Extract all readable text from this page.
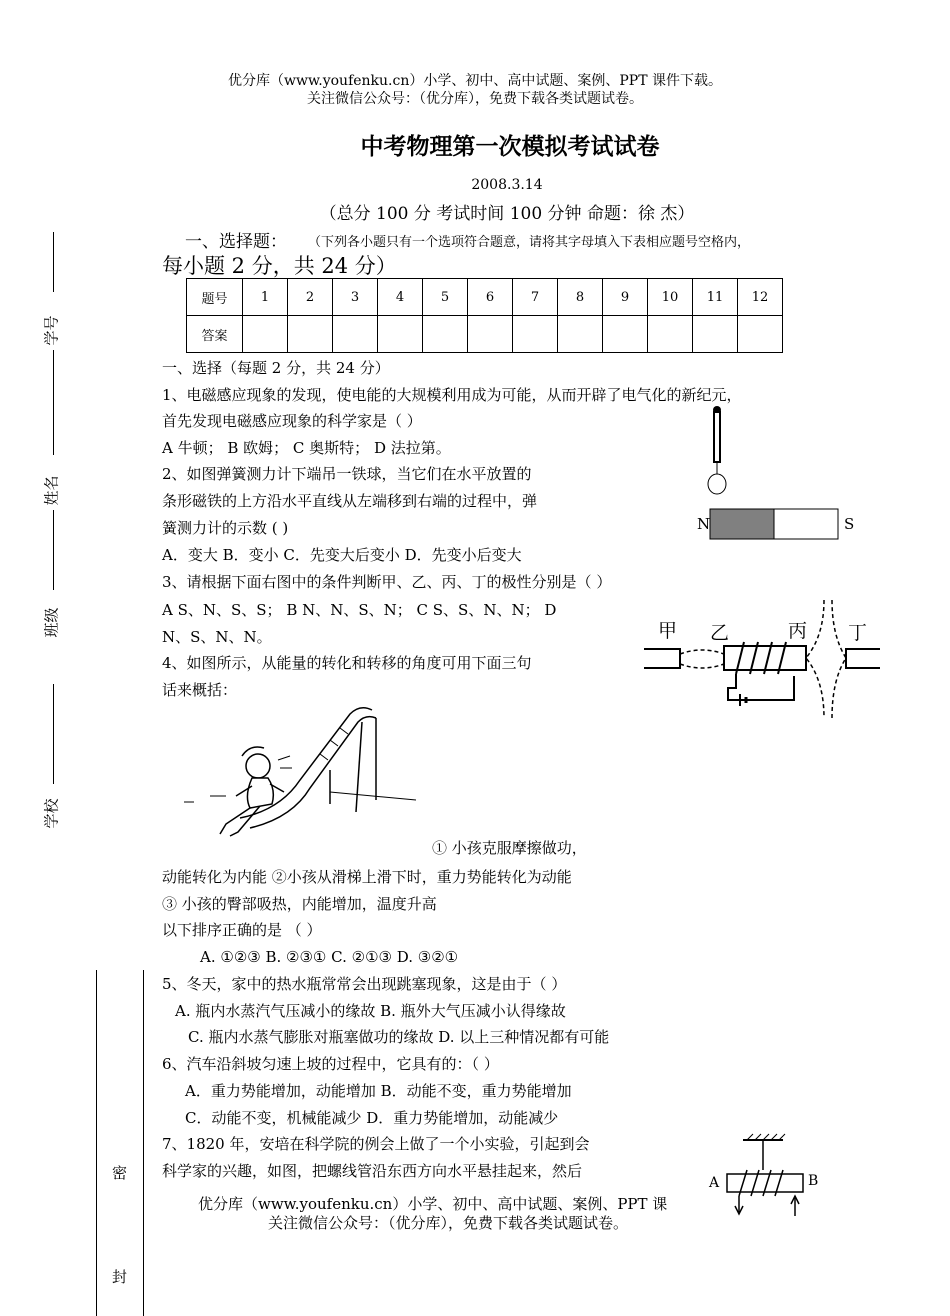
优分库（www.youfenku.cn）小学、初中、高中试题、案例、PPT 课件下载。
关注微信公众号：（优分库），免费下载各类试题试卷。
中考物理第一次模拟考试试卷
2008.3.14
（总分 100 分 考试时间 100 分钟 命题：徐 杰）
学号
姓名
班级
学校
密
封
一、选择题： （下列各小题只有一个选项符合题意，请将其字母填入下表相应题号空格内，
每小题 2 分，共 24 分）
题号	1	2	3	4	5	6	7	8	9	10	11	12
答案												
一、选择（每题 2 分，共 24 分）
1、电磁感应现象的发现，使电能的大规模利用成为可能，从而开辟了电气化的新纪元，
首先发现电磁感应现象的科学家是（ ）
A 牛顿； B 欧姆； C 奥斯特； D 法拉第。
2、如图弹簧测力计下端吊一铁球，当它们在水平放置的
条形磁铁的上方沿水平直线从左端移到右端的过程中，弹
簧测力计的示数 ( )
A．变大 B．变小 C．先变大后变小 D．先变小后变大
N	S
3、请根据下面右图中的条件判断甲、乙、丙、丁的极性分别是（ ）
A S、N、S、S； B N、N、S、N； C S、S、N、N； D
N、S、N、N。	甲 乙	丙 丁
4、如图所示，从能量的转化和转移的角度可用下面三句
话来概括：
① 小孩克服摩擦做功，
动能转化为内能 ②小孩从滑梯上滑下时，重力势能转化为动能
③ 小孩的臀部吸热，内能增加，温度升高
以下排序正确的是 （ ）
A. ①②③ B. ②③① C. ②①③ D. ③②①
5、冬天，家中的热水瓶常常会出现跳塞现象，这是由于（ ）
A. 瓶内水蒸汽气压减小的缘故 B. 瓶外大气压减小认得缘故
C. 瓶内水蒸气膨胀对瓶塞做功的缘故 D. 以上三种情况都有可能
6、汽车沿斜坡匀速上坡的过程中，它具有的：（ ）
A．重力势能增加，动能增加 B．动能不变，重力势能增加
C．动能不变，机械能减少 D．重力势能增加，动能减少
7、1820 年，安培在科学院的例会上做了一个小实验，引起到会
科学家的兴趣，如图，把螺线管沿东西方向水平悬挂起来，然后
A	B
优分库（www.youfenku.cn）小学、初中、高中试题、案例、PPT 课
关注微信公众号：（优分库），免费下载各类试题试卷。
